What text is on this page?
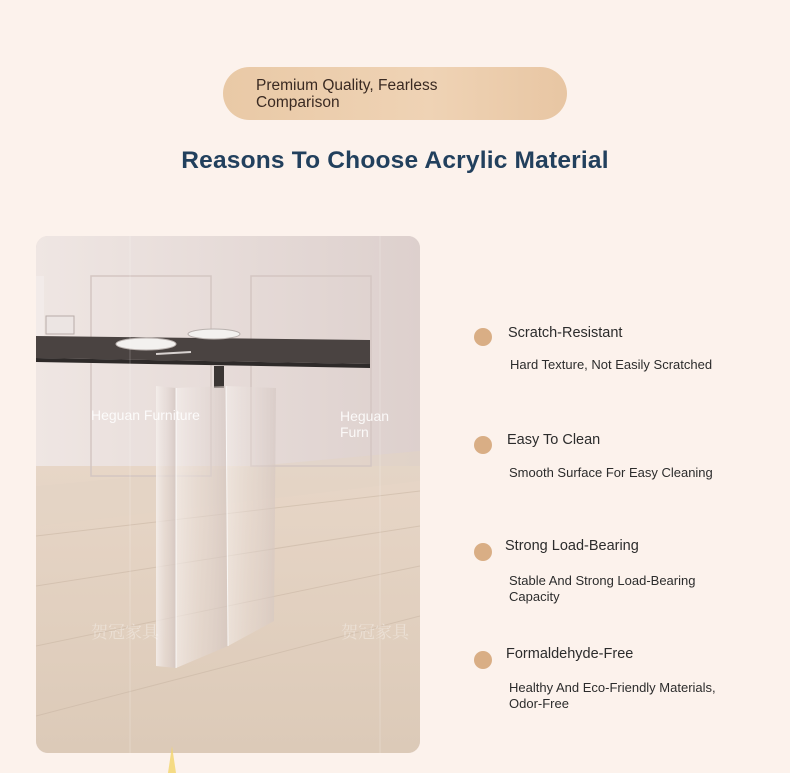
Premium Quality, Fearless Comparison
Reasons To Choose Acrylic Material
Heguan Furniture	Heguan Furn
贺冠家具	贺冠家具
Scratch-Resistant
Hard Texture, Not Easily Scratched
Easy To Clean
Smooth Surface For Easy Cleaning
Strong Load-Bearing
Stable And Strong Load-Bearing Capacity
Formaldehyde-Free
Healthy And Eco-Friendly Materials, Odor-Free
